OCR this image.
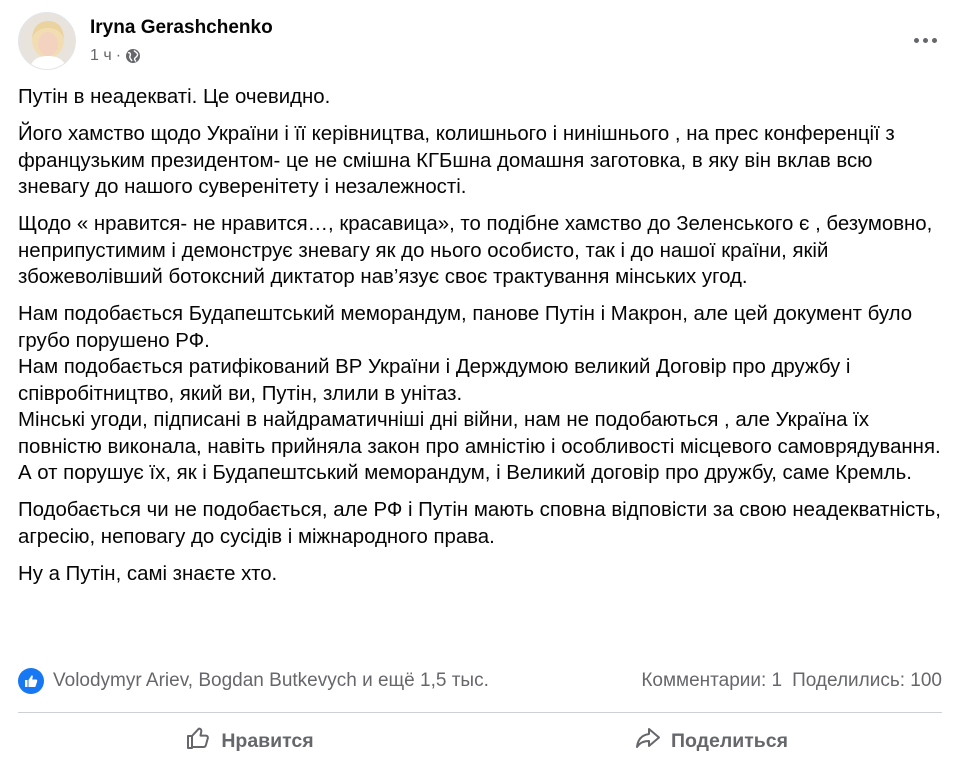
Iryna Gerashchenko
1 ч ·

Путін в неадекваті. Це очевидно.

Його хамство щодо України і її керівництва, колишнього і нинішнього , на прес конференції з французьким президентом- це не смішна КГБшна домашня заготовка, в яку він вклав всю зневагу до нашого суверенітету і незалежності.

Щодо « нравится- не нравится…, красавица», то подібне хамство до Зеленського є , безумовно, неприпустимим і демонструє зневагу як до нього особисто, так і до нашої країни, якій збожеволівший ботоксний диктатор нав’язує своє трактування мінських угод.

Нам подобається Будапештський меморандум, панове Путін і Макрон, але цей документ було грубо порушено РФ.
Нам подобається ратифікований ВР України і Держдумою великий Договір про дружбу і співробітництво, який ви, Путін, злили в унітаз.
Мінські угоди, підписані в найдраматичніші дні війни, нам не подобаються , але Україна їх повністю виконала, навіть прийняла закон про амністію і особливості місцевого самоврядування. А от порушує їх, як і Будапештський меморандум, і Великий договір про дружбу, саме Кремль.

Подобається чи не подобається, але РФ і Путін мають сповна відповісти за свою неадекватність, агресію, неповагу до сусідів і міжнародного права.

Ну а Путін, самі знаєте хто.

Volodymyr Ariev, Bogdan Butkevych и ещё 1,5 тыс.	Комментарии: 1 Поделились: 100
Нравится	Поделиться
